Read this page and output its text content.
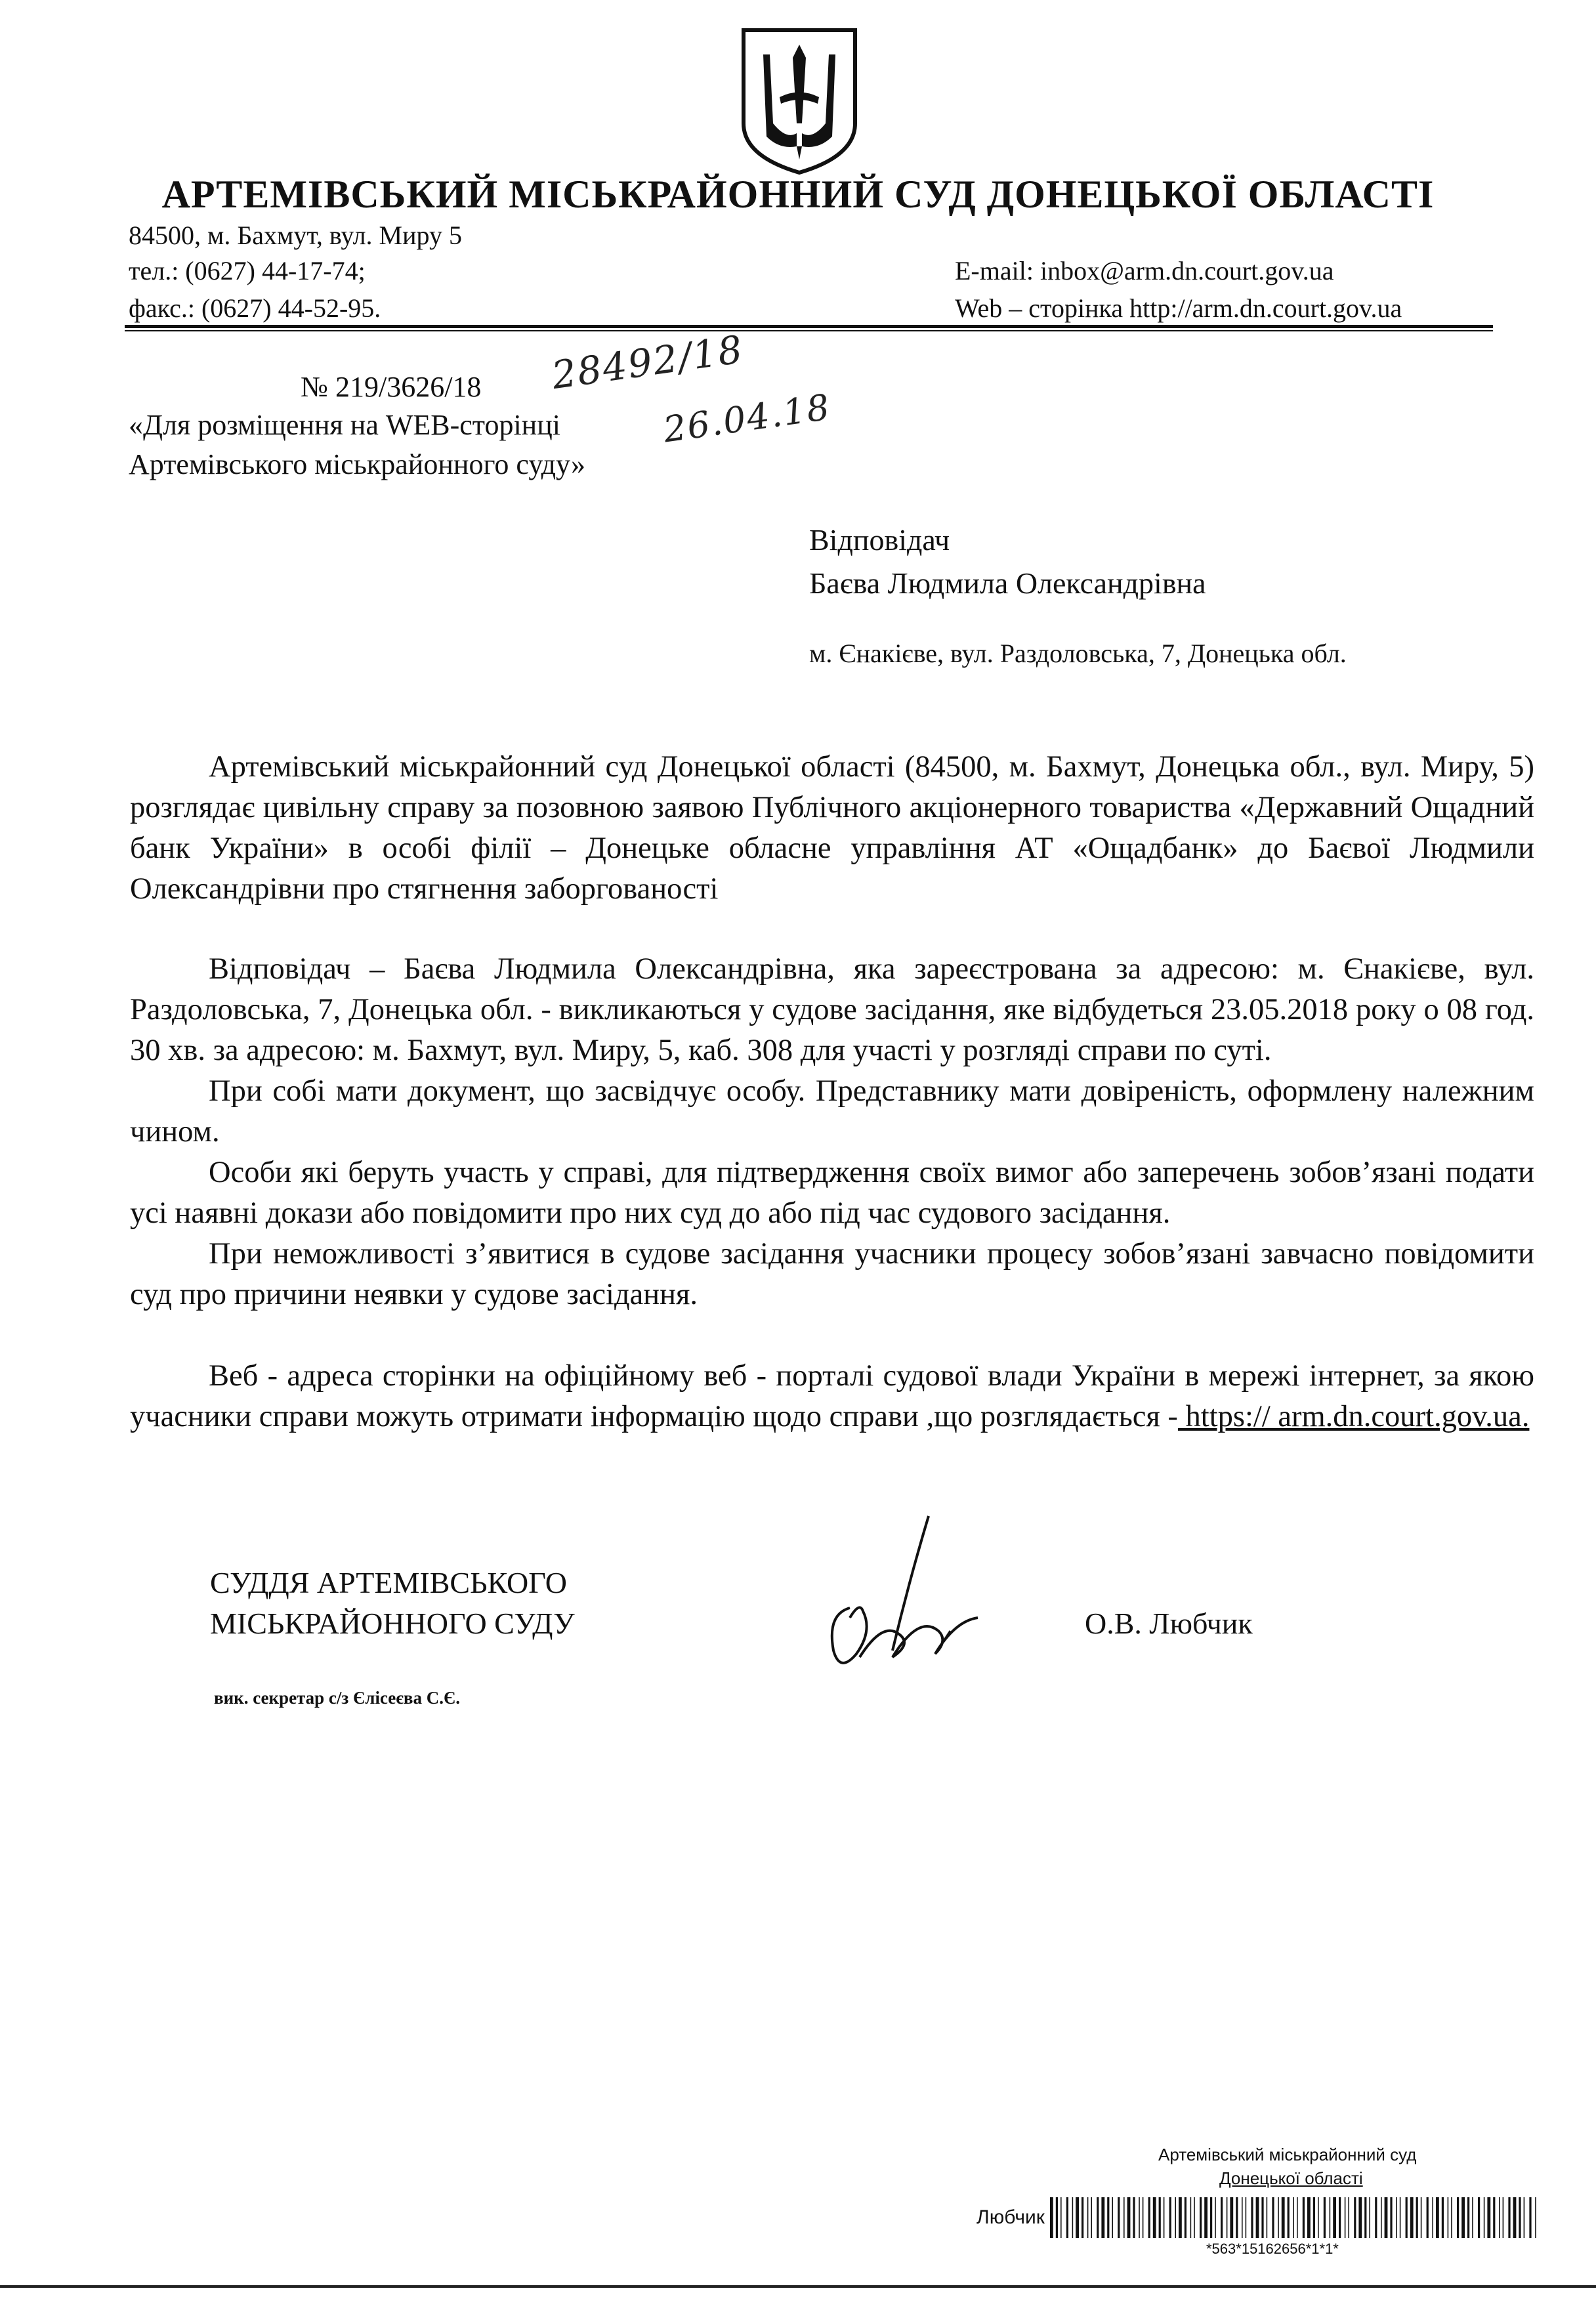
АРТЕМІВСЬКИЙ МІСЬКРАЙОННИЙ СУД ДОНЕЦЬКОЇ ОБЛАСТІ
84500, м. Бахмут, вул. Миру 5
тел.: (0627) 44-17-74;
факс.: (0627) 44-52-95.
E-mail: inbox@arm.dn.court.gov.ua
Web – сторінка http://arm.dn.court.gov.ua
№ 219/3626/18 28492/18
26.04.18
«Для розміщення на WEB-сторінці
Артемівського міськрайонного суду»
Відповідач
Баєва Людмила Олександрівна
м. Єнакієве, вул. Раздоловська, 7, Донецька обл.

Артемівський міськрайонний суд Донецької області (84500, м. Бахмут, Донецька обл., вул. Миру, 5) розглядає цивільну справу за позовною заявою Публічного акціонерного товариства «Державний Ощадний банк України» в особі філії – Донецьке обласне управління АТ «Ощадбанк» до Баєвої Людмили Олександрівни про стягнення заборгованості

Відповідач – Баєва Людмила Олександрівна, яка зареєстрована за адресою: м. Єнакієве, вул. Раздоловська, 7, Донецька обл. - викликаються у судове засідання, яке відбудеться 23.05.2018 року о 08 год. 30 хв. за адресою: м. Бахмут, вул. Миру, 5, каб. 308 для участі у розгляді справи по суті.

При собі мати документ, що засвідчує особу. Представнику мати довіреність, оформлену належним чином.

Особи які беруть участь у справі, для підтвердження своїх вимог або заперечень зобов’язані подати усі наявні докази або повідомити про них суд до або під час судового засідання.

При неможливості з’явитися в судове засідання учасники процесу зобов’язані завчасно повідомити суд про причини неявки у судове засідання.

Веб - адреса сторінки на офіційному веб - порталі судової влади України в мережі інтернет, за якою учасники справи можуть отримати інформацію щодо справи ,що розглядається - https:// arm.dn.court.gov.ua.

СУДДЯ АРТЕМІВСЬКОГО
МІСЬКРАЙОННОГО СУДУ	О.В. Любчик
вик. секретар с/з Єлісеєва С.Є.
Артемівський міськрайонний суд
Донецької області
Любчик
*563*15162656*1*1*
